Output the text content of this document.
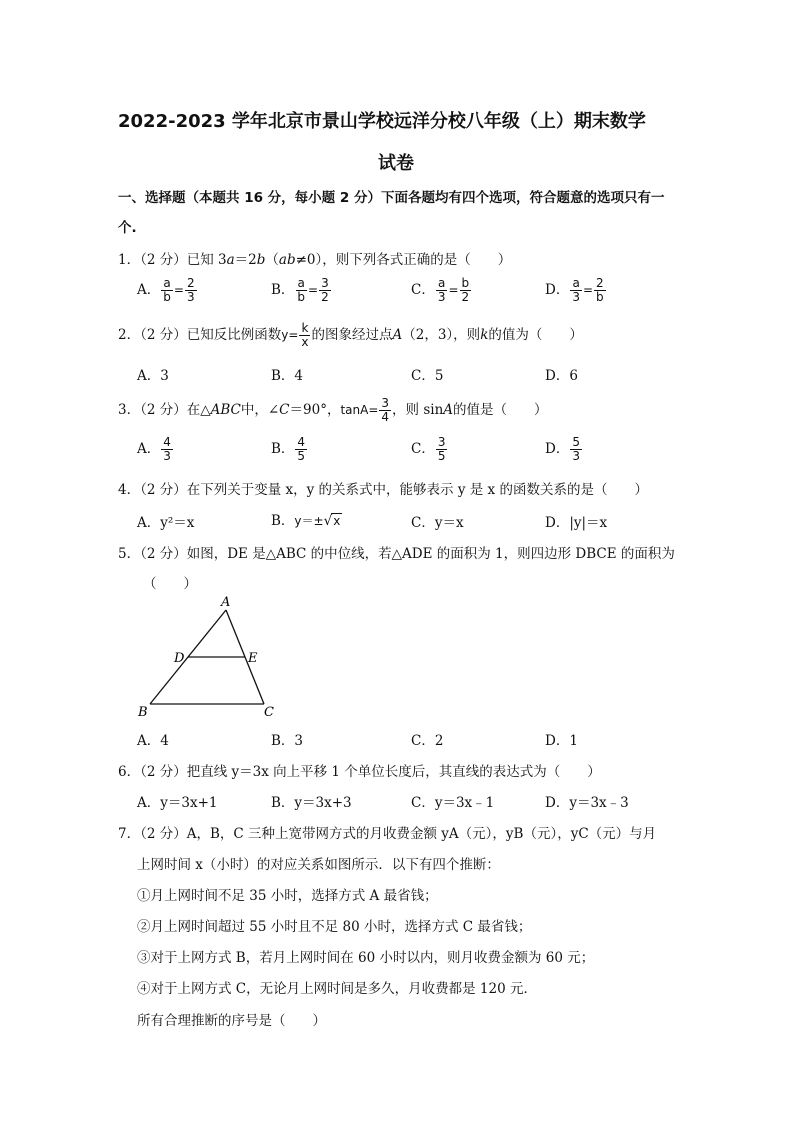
2022-2023 学年北京市景山学校远洋分校八年级（上）期末数学
试卷
一、选择题（本题共 16 分，每小题 2 分）下面各题均有四个选项，符合题意的选项只有一
个.
1．（2 分）已知 3a＝2b（ab≠0），则下列各式正确的是（　　）
A． $\frac{a}{b} = \frac{2}{3}$	B． $\frac{a}{b} = \frac{3}{2}$	C． $\frac{a}{3} = \frac{b}{2}$	D． $\frac{a}{3} = \frac{2}{b}$
2．（2 分）已知反比例函数$y= \frac{k}{x}$ 的图象经过点A（2，3），则k的值为（　　）
A．3	B．4	C．5	D．6
3．（2 分）在△ABC中，∠C＝90°，$\tan A= \frac{3}{4}$ ，则 sinA的值是（　　）
A． $\frac{4}{3}$	B． $\frac{4}{5}$	C． $\frac{3}{5}$	D． $\frac{5}{3}$
4．（2 分）在下列关于变量 x，y 的关系式中，能够表示 y 是 x 的函数关系的是（　　）
A．y²＝x	B．y＝±√x	C．y＝x	D．|y|＝x
5．（2 分）如图，DE 是△ABC 的中位线，若△ADE 的面积为 1，则四边形 DBCE 的面积为
（　　）
A
D	E
B	C
A．4	B．3	C．2	D．1
6．（2 分）把直线 y＝3x 向上平移 1 个单位长度后，其直线的表达式为（　　）
A．y＝3x+1	B．y＝3x+3	C．y＝3x﹣1	D．y＝3x﹣3
7．（2 分）A，B，C 三种上宽带网方式的月收费金额 yA（元），yB（元），yC（元）与月
上网时间 x（小时）的对应关系如图所示．以下有四个推断：
①月上网时间不足 35 小时，选择方式 A 最省钱；
②月上网时间超过 55 小时且不足 80 小时，选择方式 C 最省钱；
③对于上网方式 B，若月上网时间在 60 小时以内，则月收费金额为 60 元；
④对于上网方式 C，无论月上网时间是多久，月收费都是 120 元．
所有合理推断的序号是（　　）
